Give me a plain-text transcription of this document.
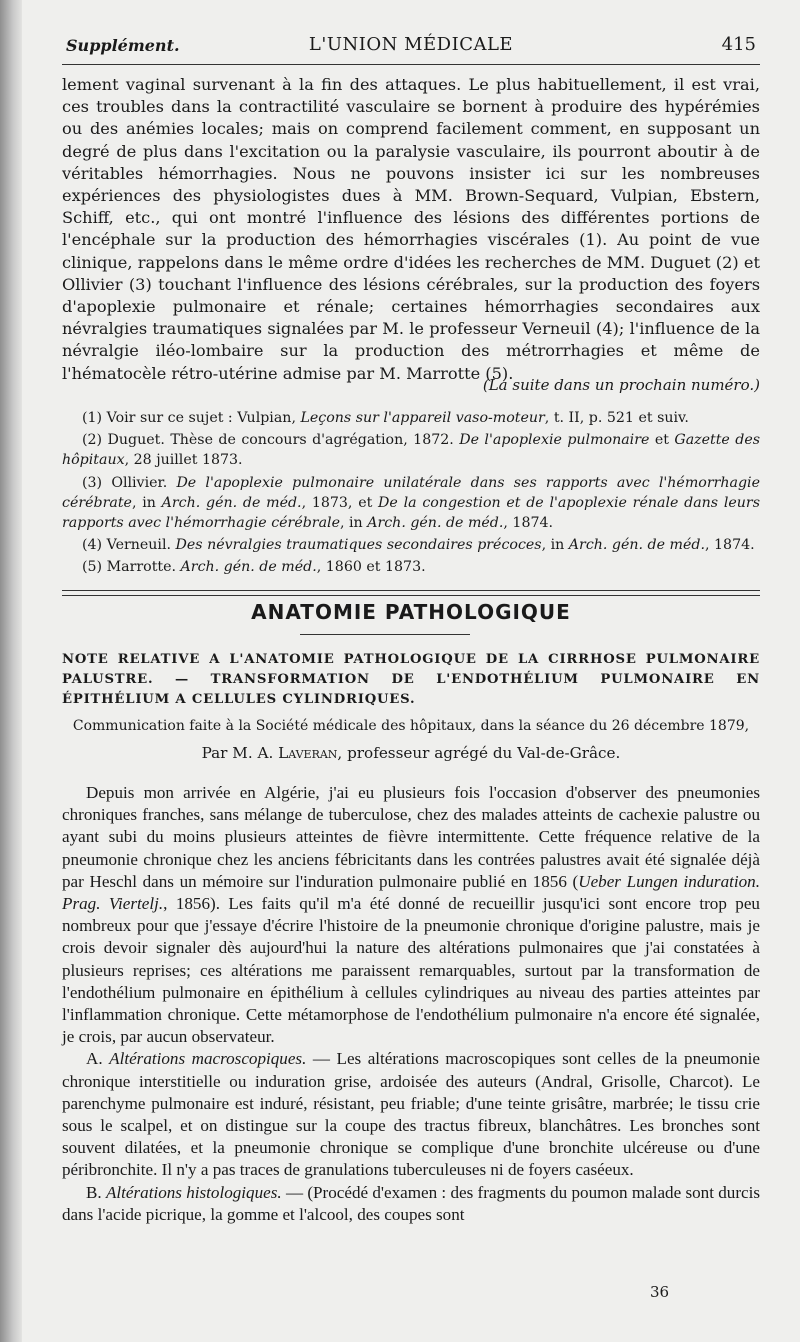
Supplément.	L'UNION MÉDICALE	415

lement vaginal survenant à la fin des attaques. Le plus habituellement, il est vrai, ces troubles dans la contractilité vasculaire se bornent à produire des hypérémies ou des anémies locales; mais on comprend facilement comment, en supposant un degré de plus dans l'excitation ou la paralysie vasculaire, ils pourront aboutir à de véritables hémorrhagies. Nous ne pouvons insister ici sur les nombreuses expériences des physiologistes dues à MM. Brown-Sequard, Vulpian, Ebstern, Schiff, etc., qui ont montré l'influence des lésions des différentes portions de l'encéphale sur la production des hémorrhagies viscérales (1). Au point de vue clinique, rappelons dans le même ordre d'idées les recherches de MM. Duguet (2) et Ollivier (3) touchant l'influence des lésions cérébrales, sur la production des foyers d'apoplexie pulmonaire et rénale; certaines hémorrhagies secondaires aux névralgies traumatiques signalées par M. le professeur Verneuil (4); l'influence de la névralgie iléo-lombaire sur la production des métrorrhagies et même de l'hématocèle rétro-utérine admise par M. Marrotte (5).

(La suite dans un prochain numéro.)

(1) Voir sur ce sujet : Vulpian, Leçons sur l'appareil vaso-moteur, t. II, p. 521 et suiv.

(2) Duguet. Thèse de concours d'agrégation, 1872. De l'apoplexie pulmonaire et Gazette des hôpitaux, 28 juillet 1873.

(3) Ollivier. De l'apoplexie pulmonaire unilatérale dans ses rapports avec l'hémorrhagie cérébrate, in Arch. gén. de méd., 1873, et De la congestion et de l'apoplexie rénale dans leurs rapports avec l'hémorrhagie cérébrale, in Arch. gén. de méd., 1874.

(4) Verneuil. Des névralgies traumatiques secondaires précoces, in Arch. gén. de méd., 1874.

(5) Marrotte. Arch. gén. de méd., 1860 et 1873.

ANATOMIE PATHOLOGIQUE
NOTE RELATIVE A L'ANATOMIE PATHOLOGIQUE DE LA CIRRHOSE PULMONAIRE PALUSTRE. — TRANSFORMATION DE L'ENDOTHÉLIUM PULMONAIRE EN ÉPITHÉLIUM A CELLULES CYLINDRIQUES.
Communication faite à la Société médicale des hôpitaux, dans la séance du 26 décembre 1879,
Par M. A. Laveran, professeur agrégé du Val-de-Grâce.

Depuis mon arrivée en Algérie, j'ai eu plusieurs fois l'occasion d'observer des pneumonies chroniques franches, sans mélange de tuberculose, chez des malades atteints de cachexie palustre ou ayant subi du moins plusieurs atteintes de fièvre intermittente. Cette fréquence relative de la pneumonie chronique chez les anciens fébricitants dans les contrées palustres avait été signalée déjà par Heschl dans un mémoire sur l'induration pulmonaire publié en 1856 (Ueber Lungen induration. Prag. Viertelj., 1856). Les faits qu'il m'a été donné de recueillir jusqu'ici sont encore trop peu nombreux pour que j'essaye d'écrire l'histoire de la pneumonie chronique d'origine palustre, mais je crois devoir signaler dès aujourd'hui la nature des altérations pulmonaires que j'ai constatées à plusieurs reprises; ces altérations me paraissent remarquables, surtout par la transformation de l'endothélium pulmonaire en épithélium à cellules cylindriques au niveau des parties atteintes par l'inflammation chronique. Cette métamorphose de l'endothélium pulmonaire n'a encore été signalée, je crois, par aucun observateur.

A. Altérations macroscopiques. — Les altérations macroscopiques sont celles de la pneumonie chronique interstitielle ou induration grise, ardoisée des auteurs (Andral, Grisolle, Charcot). Le parenchyme pulmonaire est induré, résistant, peu friable; d'une teinte grisâtre, marbrée; le tissu crie sous le scalpel, et on distingue sur la coupe des tractus fibreux, blanchâtres. Les bronches sont souvent dilatées, et la pneumonie chronique se complique d'une bronchite ulcéreuse ou d'une péribronchite. Il n'y a pas traces de granulations tuberculeuses ni de foyers caséeux.

B. Altérations histologiques. — (Procédé d'examen : des fragments du poumon malade sont durcis dans l'acide picrique, la gomme et l'alcool, des coupes sont

36
